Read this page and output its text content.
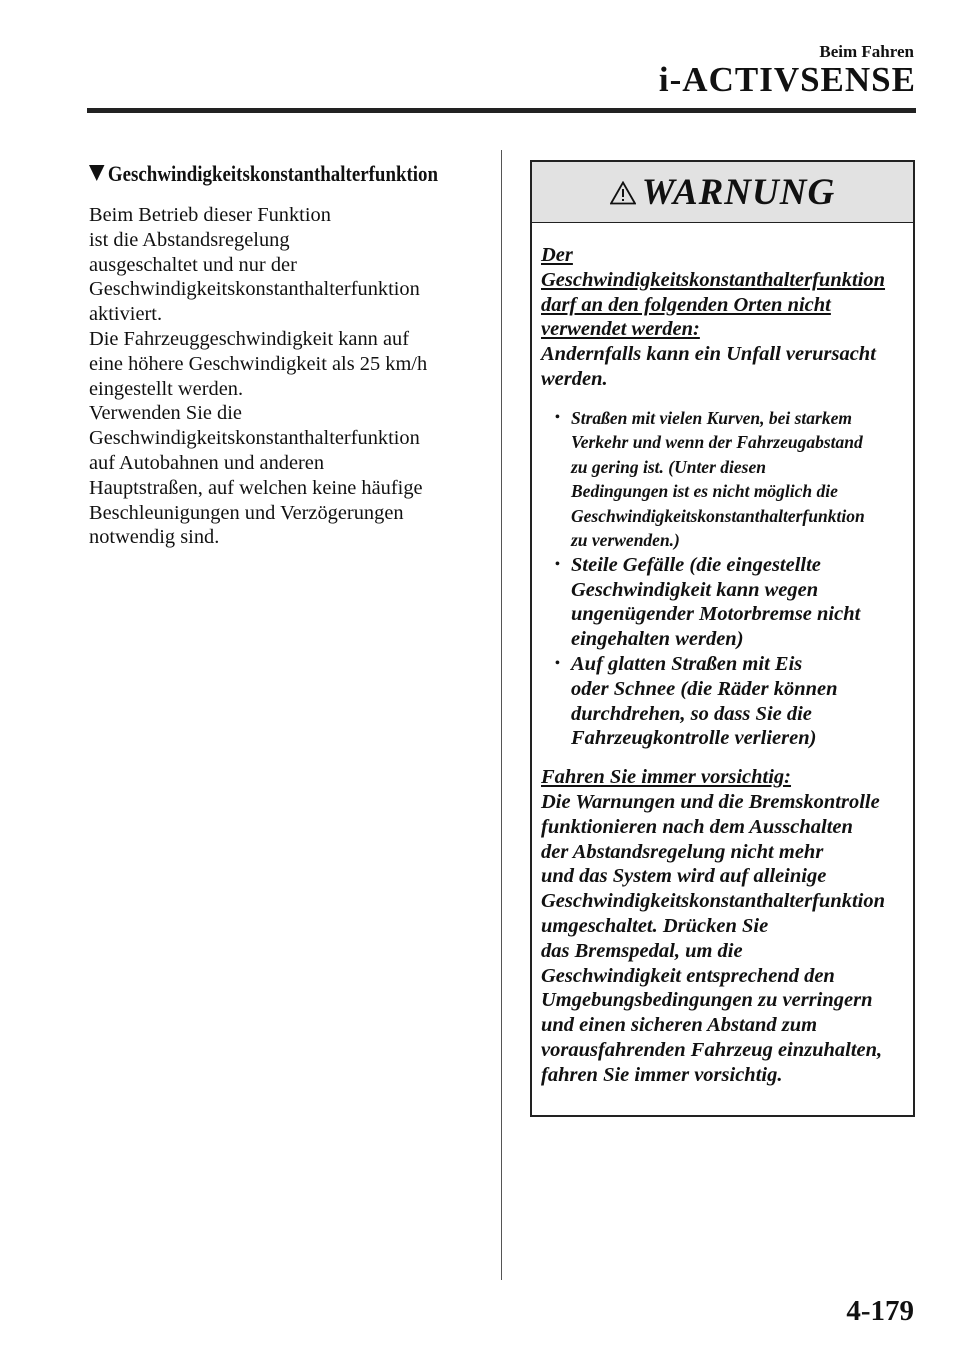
Beim Fahren
i-ACTIVSENSE
Geschwindigkeitskonstanthalterfunktion
Beim Betrieb dieser Funktion
ist die Abstandsregelung
ausgeschaltet und nur der
Geschwindigkeitskonstanthalterfunktion
aktiviert.
Die Fahrzeuggeschwindigkeit kann auf
eine höhere Geschwindigkeit als 25 km/h
eingestellt werden.
Verwenden Sie die
Geschwindigkeitskonstanthalterfunktion
auf Autobahnen und anderen
Hauptstraßen, auf welchen keine häufige
Beschleunigungen und Verzögerungen
notwendig sind.
WARNUNG
Der
Geschwindigkeitskonstanthalterfunktion
darf an den folgenden Orten nicht
verwendet werden:
Andernfalls kann ein Unfall verursacht
werden.
• Straßen mit vielen Kurven, bei starkem
Verkehr und wenn der Fahrzeugabstand
zu gering ist. (Unter diesen
Bedingungen ist es nicht möglich die
Geschwindigkeitskonstanthalterfunktion
zu verwenden.)
• Steile Gefälle (die eingestellte
Geschwindigkeit kann wegen
ungenügender Motorbremse nicht
eingehalten werden)
• Auf glatten Straßen mit Eis
oder Schnee (die Räder können
durchdrehen, so dass Sie die
Fahrzeugkontrolle verlieren)
Fahren Sie immer vorsichtig:
Die Warnungen und die Bremskontrolle
funktionieren nach dem Ausschalten
der Abstandsregelung nicht mehr
und das System wird auf alleinige
Geschwindigkeitskonstanthalterfunktion
umgeschaltet. Drücken Sie
das Bremspedal, um die
Geschwindigkeit entsprechend den
Umgebungsbedingungen zu verringern
und einen sicheren Abstand zum
vorausfahrenden Fahrzeug einzuhalten,
fahren Sie immer vorsichtig.
4-179
